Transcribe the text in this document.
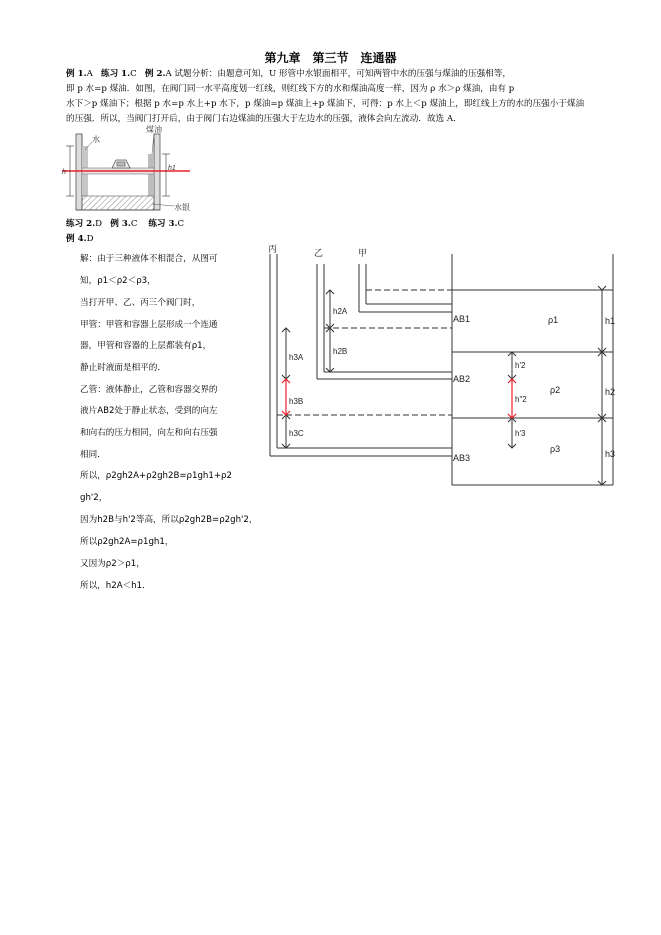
第九章　第三节　连通器
例 1.A 练习 1.C 例 2.A 试题分析：由题意可知，U 形管中水银面相平，可知两管中水的压强与煤油的压强相等，
即 p 水=p 煤油．如图，在阀门同一水平高度划一红线，则红线下方的水和煤油高度一样，因为 ρ 水＞ρ 煤油，由有 p
水下＞p 煤油下；根据 p 水=p 水上+p 水下，p 煤油=p 煤油上+p 煤油下，可得：p 水上＜p 煤油上，即红线上方的水的压强小于煤油
的压强．所以，当阀门打开后，由于阀门右边煤油的压强大于左边水的压强，液体会向左流动．故选 A．
水
煤油
h
h1
水银
练习 2.D 例 3.C 练习 3.C
例 4.D
解：由于三种液体不相混合，从图可
知，ρ1＜ρ2＜ρ3，
当打开甲、乙、丙三个阀门时，
甲管：甲管和容器上层形成一个连通
器，甲管和容器的上层都装有ρ1，
静止时液面是相平的．
乙管：液体静止，乙管和容器交界的
液片AB2处于静止状态，受到的向左
和向右的压力相同，向左和向右压强
相同．
所以，ρ2gh2A+ρ2gh2B=ρ1gh1+ρ2
gh'2，
因为h2B与h'2等高，所以ρ2gh2B=ρ2gh'2，
所以ρ2gh2A=ρ1gh1，
又因为ρ2＞ρ1，
所以，h2A＜h1．
丙	乙	甲
AB1
AB2
AB3
ρ1
ρ2
ρ3
h1
h2
h3
h2A
h2B
h3A
h3B
h3C
h'2
h"2
h'3
